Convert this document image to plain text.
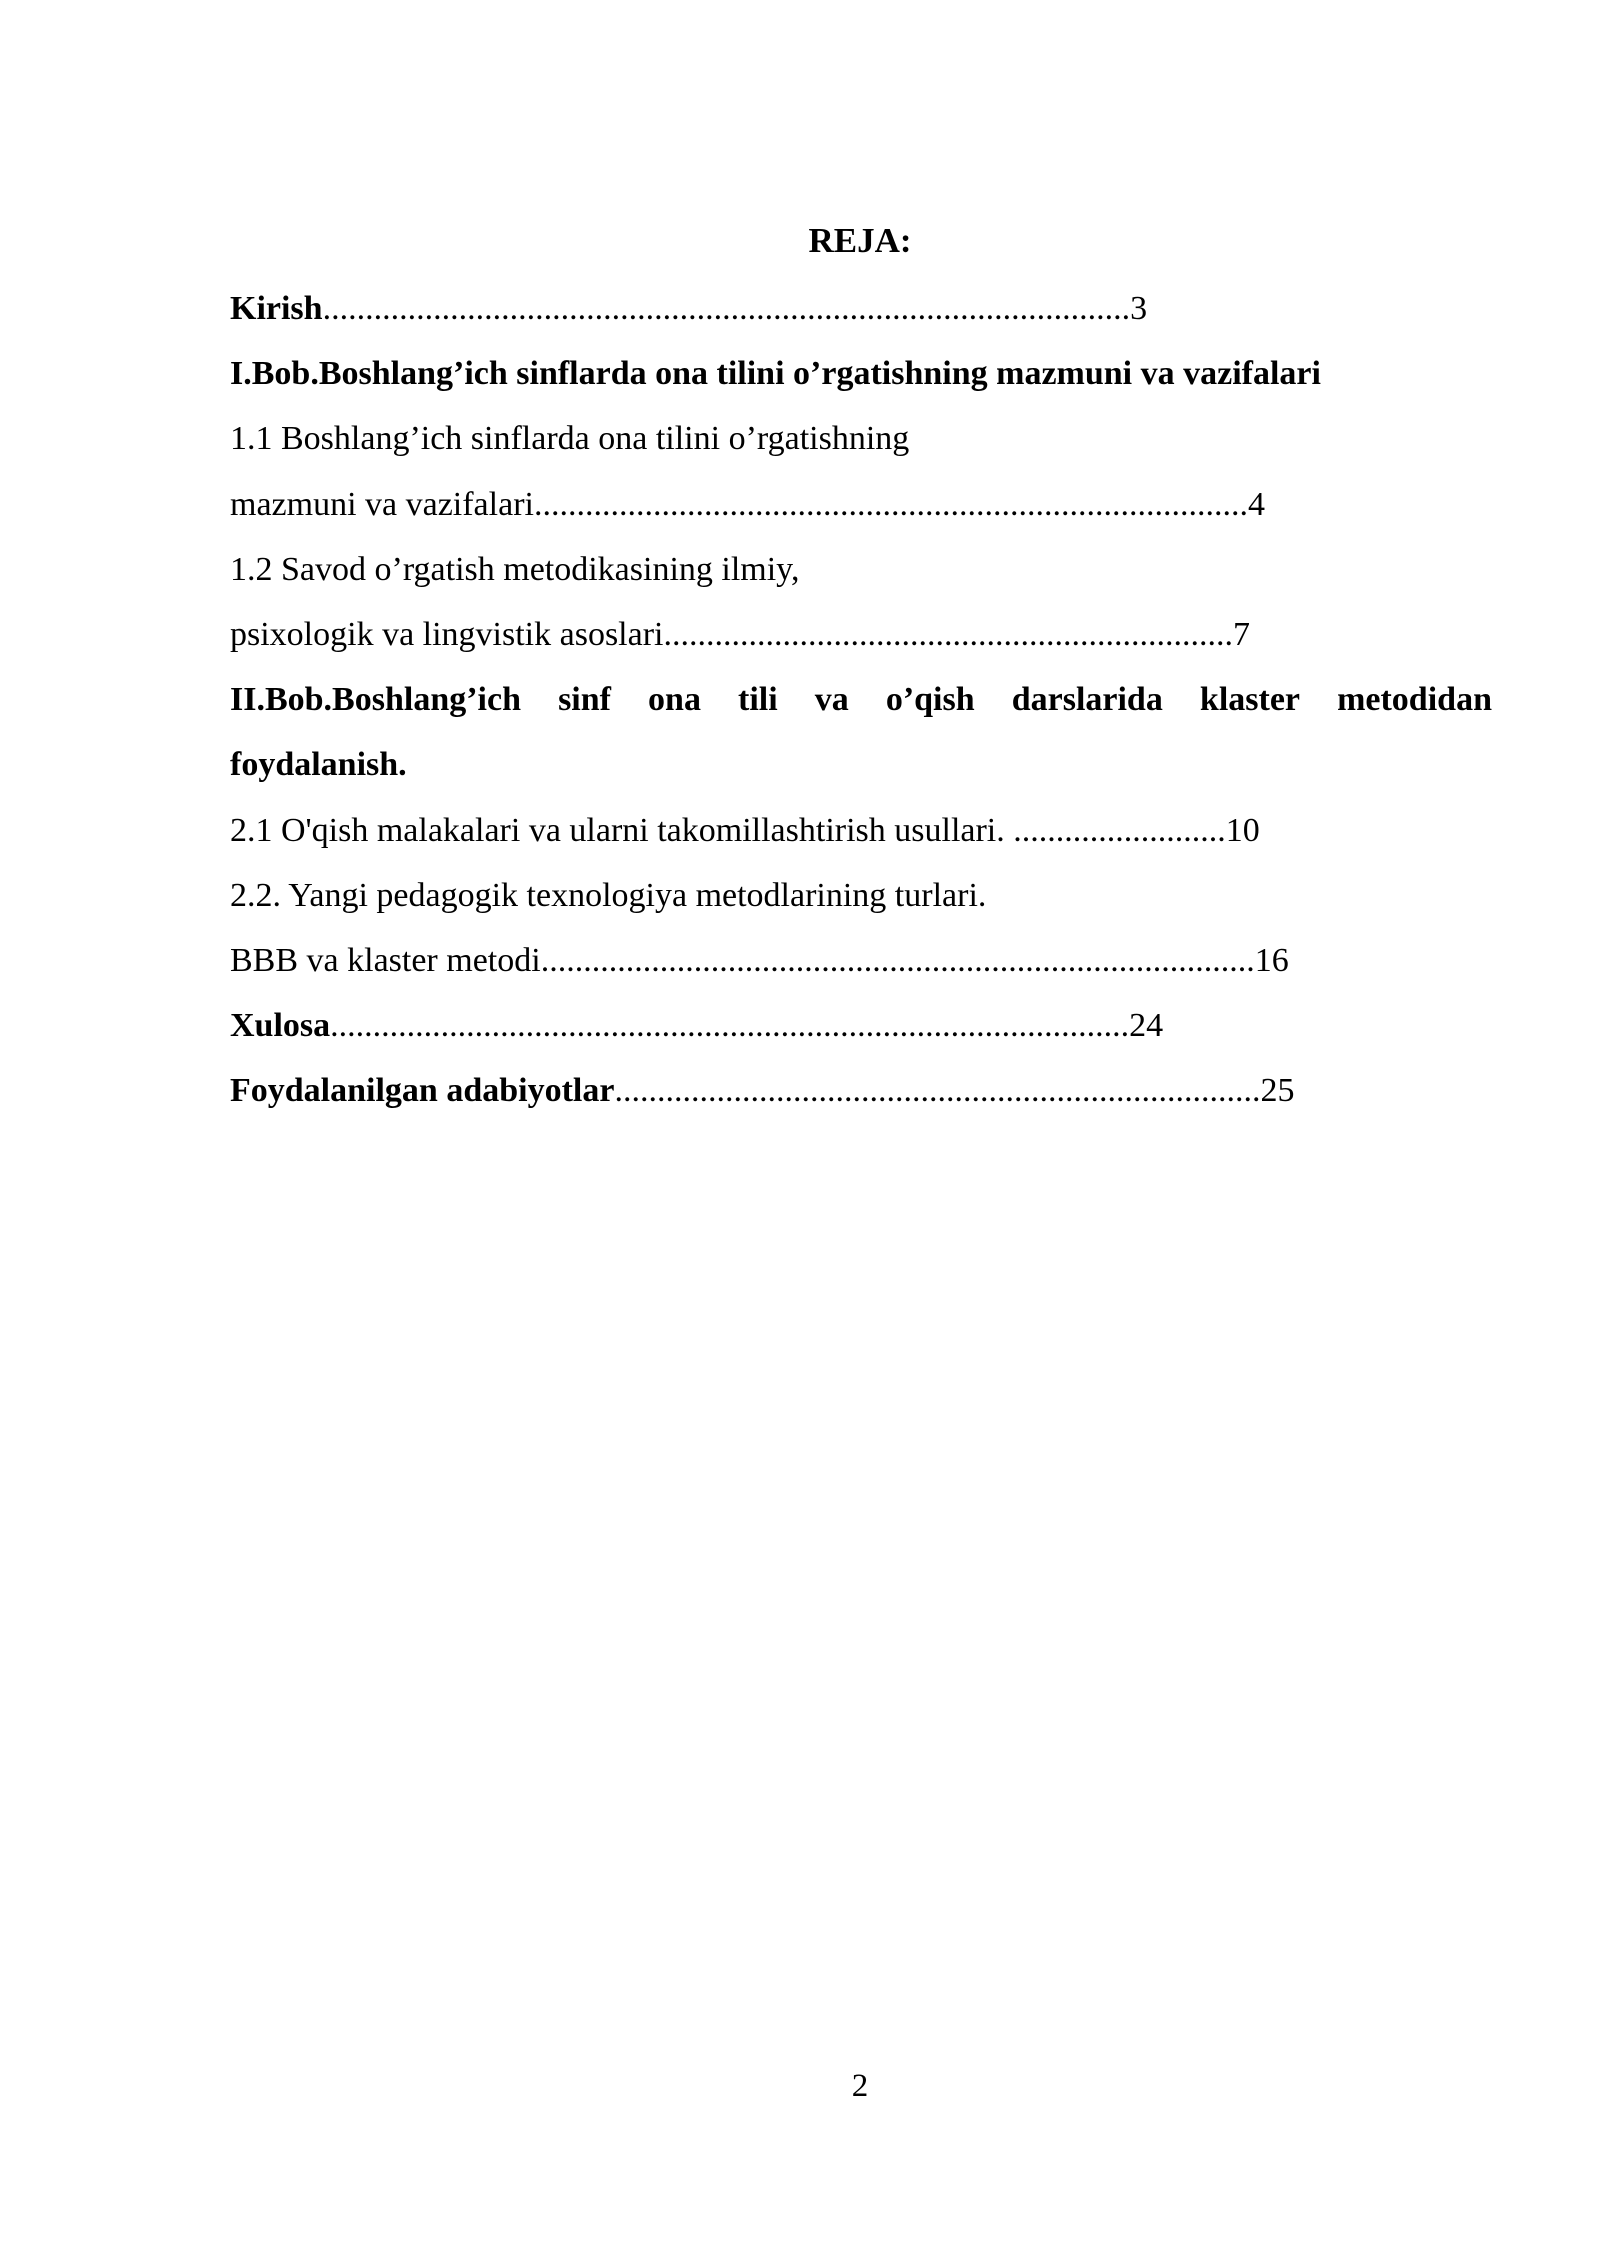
REJA:
Kirish...............................................................................................3
I.Bob.Boshlang’ich sinflarda ona tilini o’rgatishning mazmuni va vazifalari
1.1 Boshlang’ich sinflarda ona tilini o’rgatishning
mazmuni va vazifalari....................................................................................4
1.2 Savod o’rgatish metodikasining ilmiy,
psixologik va lingvistik asoslari...................................................................7
II.Bob.Boshlang’ich sinf ona tili va o’qish darslarida klaster metodidan
foydalanish.
2.1 O'qish malakalari va ularni takomillashtirish usullari. .........................10
2.2. Yangi pedagogik texnologiya metodlarining turlari.
BBB va klaster metodi....................................................................................16
Xulosa..............................................................................................24
Foydalanilgan adabiyotlar............................................................................25
2
